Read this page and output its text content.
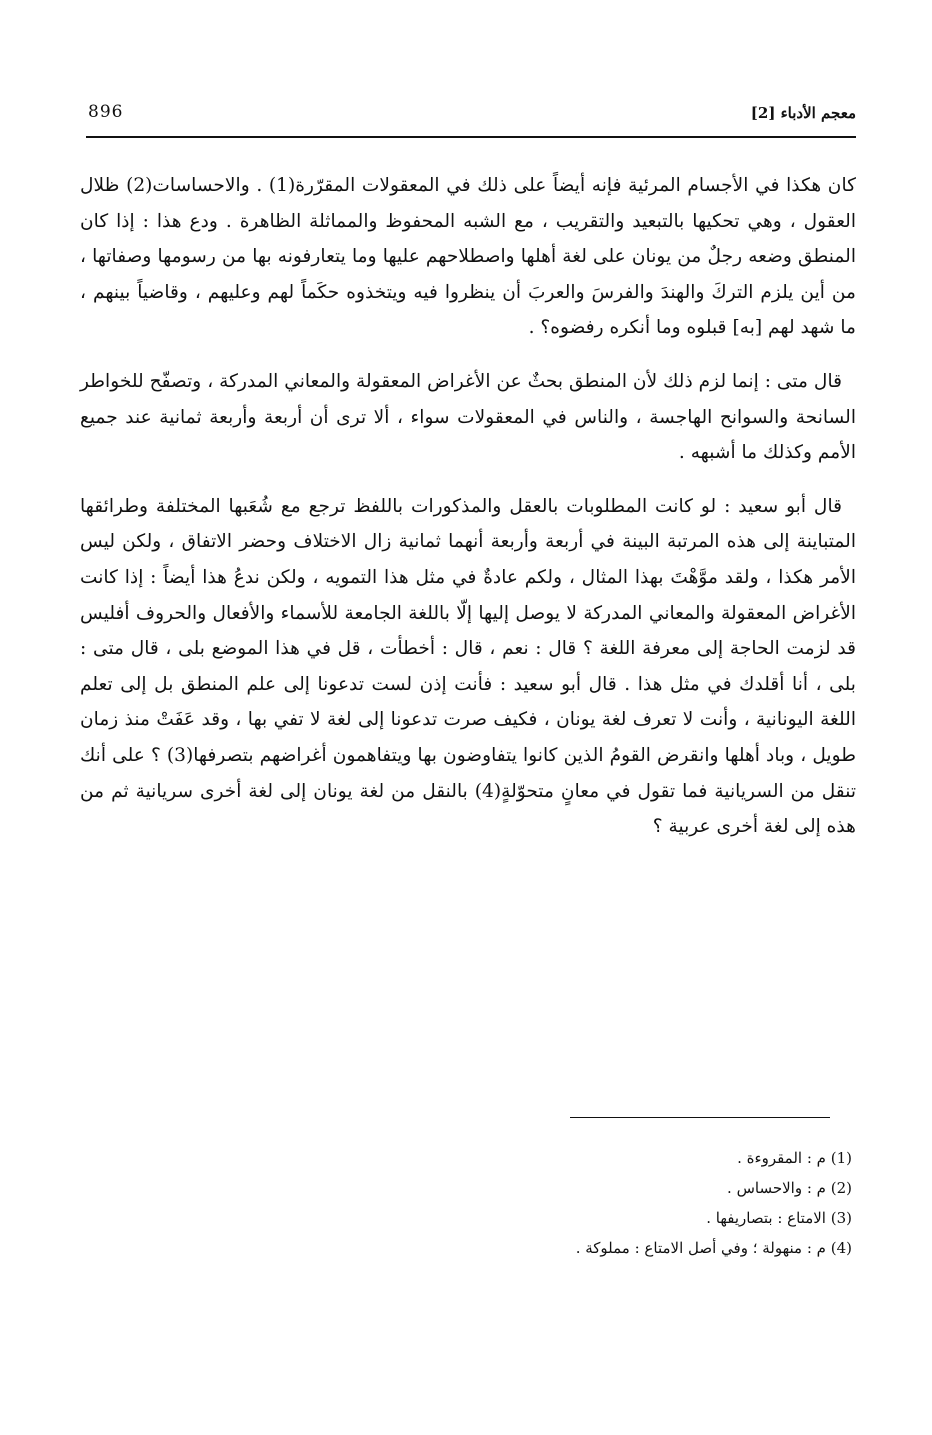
معجم الأدباء [2]
896

كان هكذا في الأجسام المرئية فإنه أيضاً على ذلك في المعقولات المقرّرة(1) . والاحساسات(2) ظلال العقول ، وهي تحكيها بالتبعيد والتقريب ، مع الشبه المحفوظ والمماثلة الظاهرة . ودع هذا : إذا كان المنطق وضعه رجلٌ من يونان على لغة أهلها واصطلاحهم عليها وما يتعارفونه بها من رسومها وصفاتها ، من أين يلزم التركَ والهندَ والفرسَ والعربَ أن ينظروا فيه ويتخذوه حكَماً لهم وعليهم ، وقاضياً بينهم ، ما شهد لهم [به] قبلوه وما أنكره رفضوه؟ .

قال متى : إنما لزم ذلك لأن المنطق بحثٌ عن الأغراض المعقولة والمعاني المدركة ، وتصفّح للخواطر السانحة والسوانح الهاجسة ، والناس في المعقولات سواء ، ألا ترى أن أربعة وأربعة ثمانية عند جميع الأمم وكذلك ما أشبهه .

قال أبو سعيد : لو كانت المطلوبات بالعقل والمذكورات باللفظ ترجع مع شُعَبها المختلفة وطرائقها المتباينة إلى هذه المرتبة البينة في أربعة وأربعة أنهما ثمانية زال الاختلاف وحضر الاتفاق ، ولكن ليس الأمر هكذا ، ولقد موَّهْتَ بهذا المثال ، ولكم عادةٌ في مثل هذا التمويه ، ولكن ندعُ هذا أيضاً : إذا كانت الأغراض المعقولة والمعاني المدركة لا يوصل إليها إلّا باللغة الجامعة للأسماء والأفعال والحروف أفليس قد لزمت الحاجة إلى معرفة اللغة ؟ قال : نعم ، قال : أخطأت ، قل في هذا الموضع بلى ، قال متى : بلى ، أنا أقلدك في مثل هذا . قال أبو سعيد : فأنت إذن لست تدعونا إلى علم المنطق بل إلى تعلم اللغة اليونانية ، وأنت لا تعرف لغة يونان ، فكيف صرت تدعونا إلى لغة لا تفي بها ، وقد عَفَتْ منذ زمان طويل ، وباد أهلها وانقرض القومُ الذين كانوا يتفاوضون بها ويتفاهمون أغراضهم بتصرفها(3) ؟ على أنك تنقل من السريانية فما تقول في معانٍ متحوّلةٍ(4) بالنقل من لغة يونان إلى لغة أخرى سريانية ثم من هذه إلى لغة أخرى عربية ؟

(1) م : المقروءة .

(2) م : والاحساس .

(3) الامتاع : بتصاريفها .

(4) م : منهولة ؛ وفي أصل الامتاع : مملوكة .
